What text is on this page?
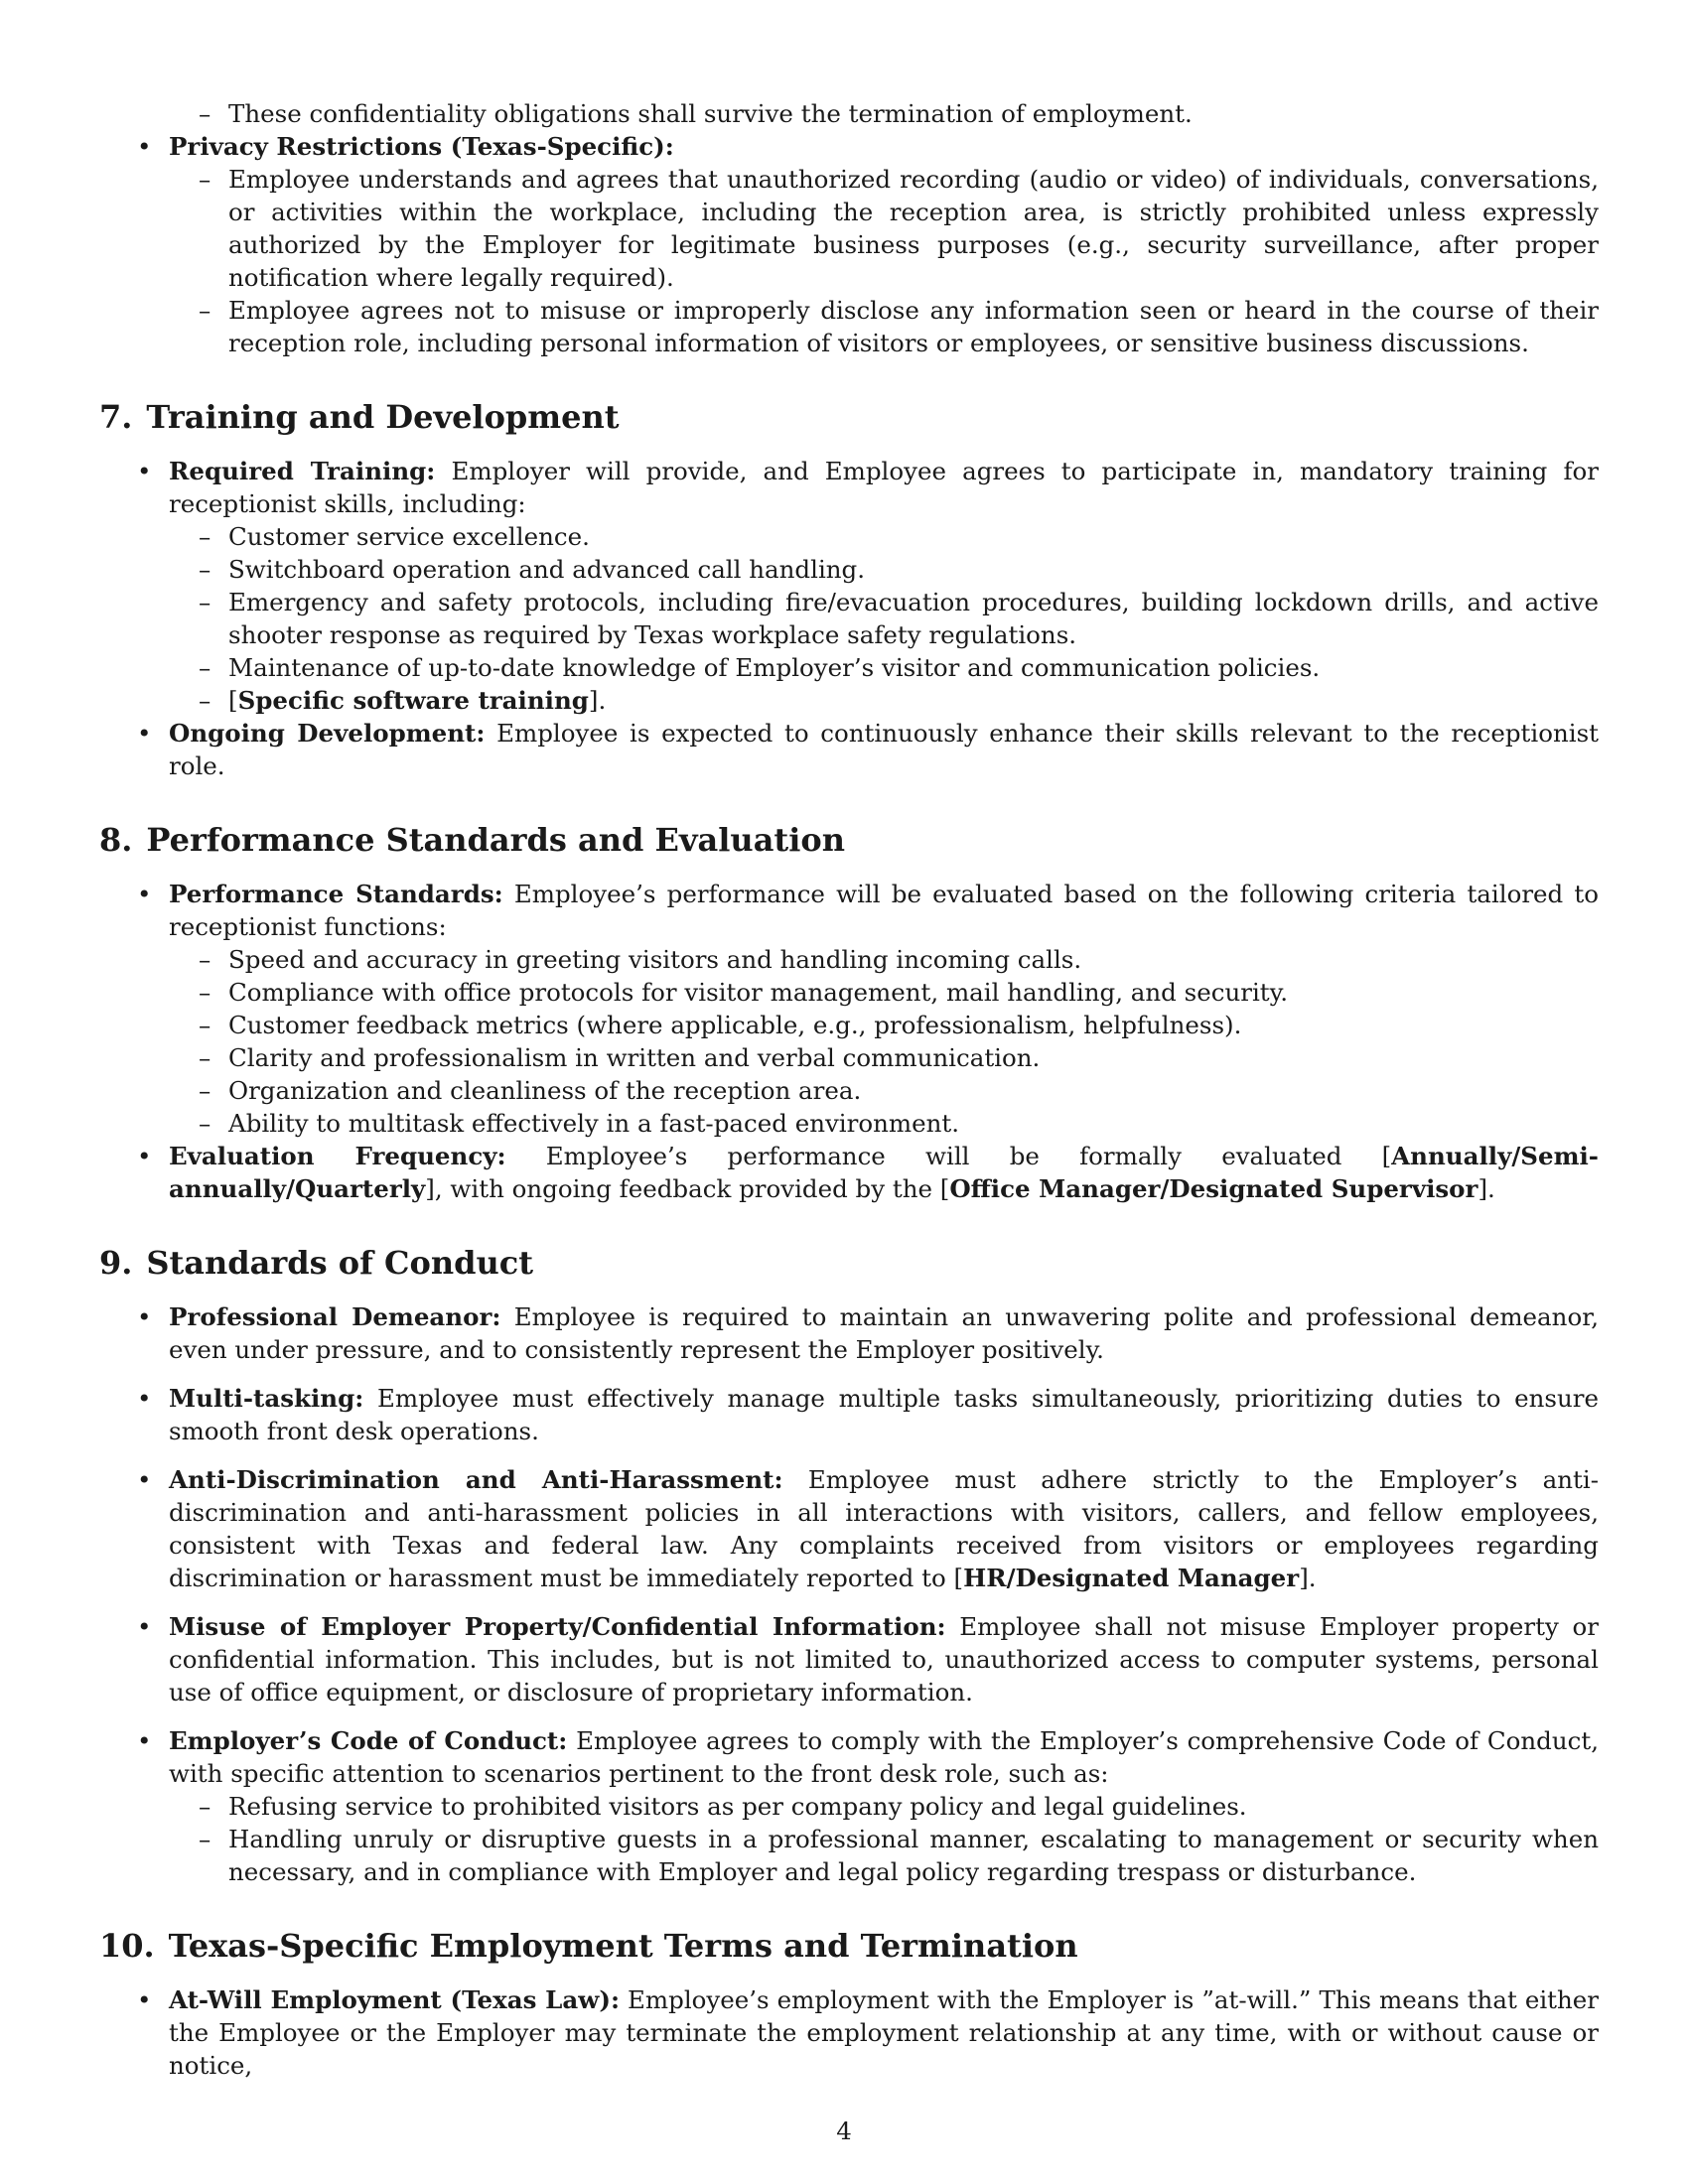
– These confidentiality obligations shall survive the termination of employment.
• Privacy Restrictions (Texas-Specific):
– Employee understands and agrees that unauthorized recording (audio or video) of individuals, conversations, or activities within the workplace, including the reception area, is strictly prohibited unless expressly authorized by the Employer for legitimate business purposes (e.g., security surveillance, after proper notification where legally required).
– Employee agrees not to misuse or improperly disclose any information seen or heard in the course of their reception role, including personal information of visitors or employees, or sensitive business discussions.
7. Training and Development
• Required Training: Employer will provide, and Employee agrees to participate in, mandatory training for receptionist skills, including:
– Customer service excellence.
– Switchboard operation and advanced call handling.
– Emergency and safety protocols, including fire/evacuation procedures, building lockdown drills, and active shooter response as required by Texas workplace safety regulations.
– Maintenance of up-to-date knowledge of Employer’s visitor and communication policies.
– [Specific software training].
• Ongoing Development: Employee is expected to continuously enhance their skills relevant to the receptionist role.
8. Performance Standards and Evaluation
• Performance Standards: Employee’s performance will be evaluated based on the following criteria tailored to receptionist functions:
– Speed and accuracy in greeting visitors and handling incoming calls.
– Compliance with office protocols for visitor management, mail handling, and security.
– Customer feedback metrics (where applicable, e.g., professionalism, helpfulness).
– Clarity and professionalism in written and verbal communication.
– Organization and cleanliness of the reception area.
– Ability to multitask effectively in a fast-paced environment.
• Evaluation Frequency: Employee’s performance will be formally evaluated [Annually/Semi-annually/Quarterly], with ongoing feedback provided by the [Office Manager/Designated Supervisor].
9. Standards of Conduct
• Professional Demeanor: Employee is required to maintain an unwavering polite and professional demeanor, even under pressure, and to consistently represent the Employer positively.
• Multi-tasking: Employee must effectively manage multiple tasks simultaneously, prioritizing duties to ensure smooth front desk operations.
• Anti-Discrimination and Anti-Harassment: Employee must adhere strictly to the Employer’s anti-discrimination and anti-harassment policies in all interactions with visitors, callers, and fellow employees, consistent with Texas and federal law. Any complaints received from visitors or employees regarding discrimination or harassment must be immediately reported to [HR/Designated Manager].
• Misuse of Employer Property/Confidential Information: Employee shall not misuse Employer property or confidential information. This includes, but is not limited to, unauthorized access to computer systems, personal use of office equipment, or disclosure of proprietary information.
• Employer’s Code of Conduct: Employee agrees to comply with the Employer’s comprehensive Code of Conduct, with specific attention to scenarios pertinent to the front desk role, such as:
– Refusing service to prohibited visitors as per company policy and legal guidelines.
– Handling unruly or disruptive guests in a professional manner, escalating to management or security when necessary, and in compliance with Employer and legal policy regarding trespass or disturbance.
10. Texas-Specific Employment Terms and Termination
• At-Will Employment (Texas Law): Employee’s employment with the Employer is ”at-will.” This means that either the Employee or the Employer may terminate the employment relationship at any time, with or without cause or notice,
4
